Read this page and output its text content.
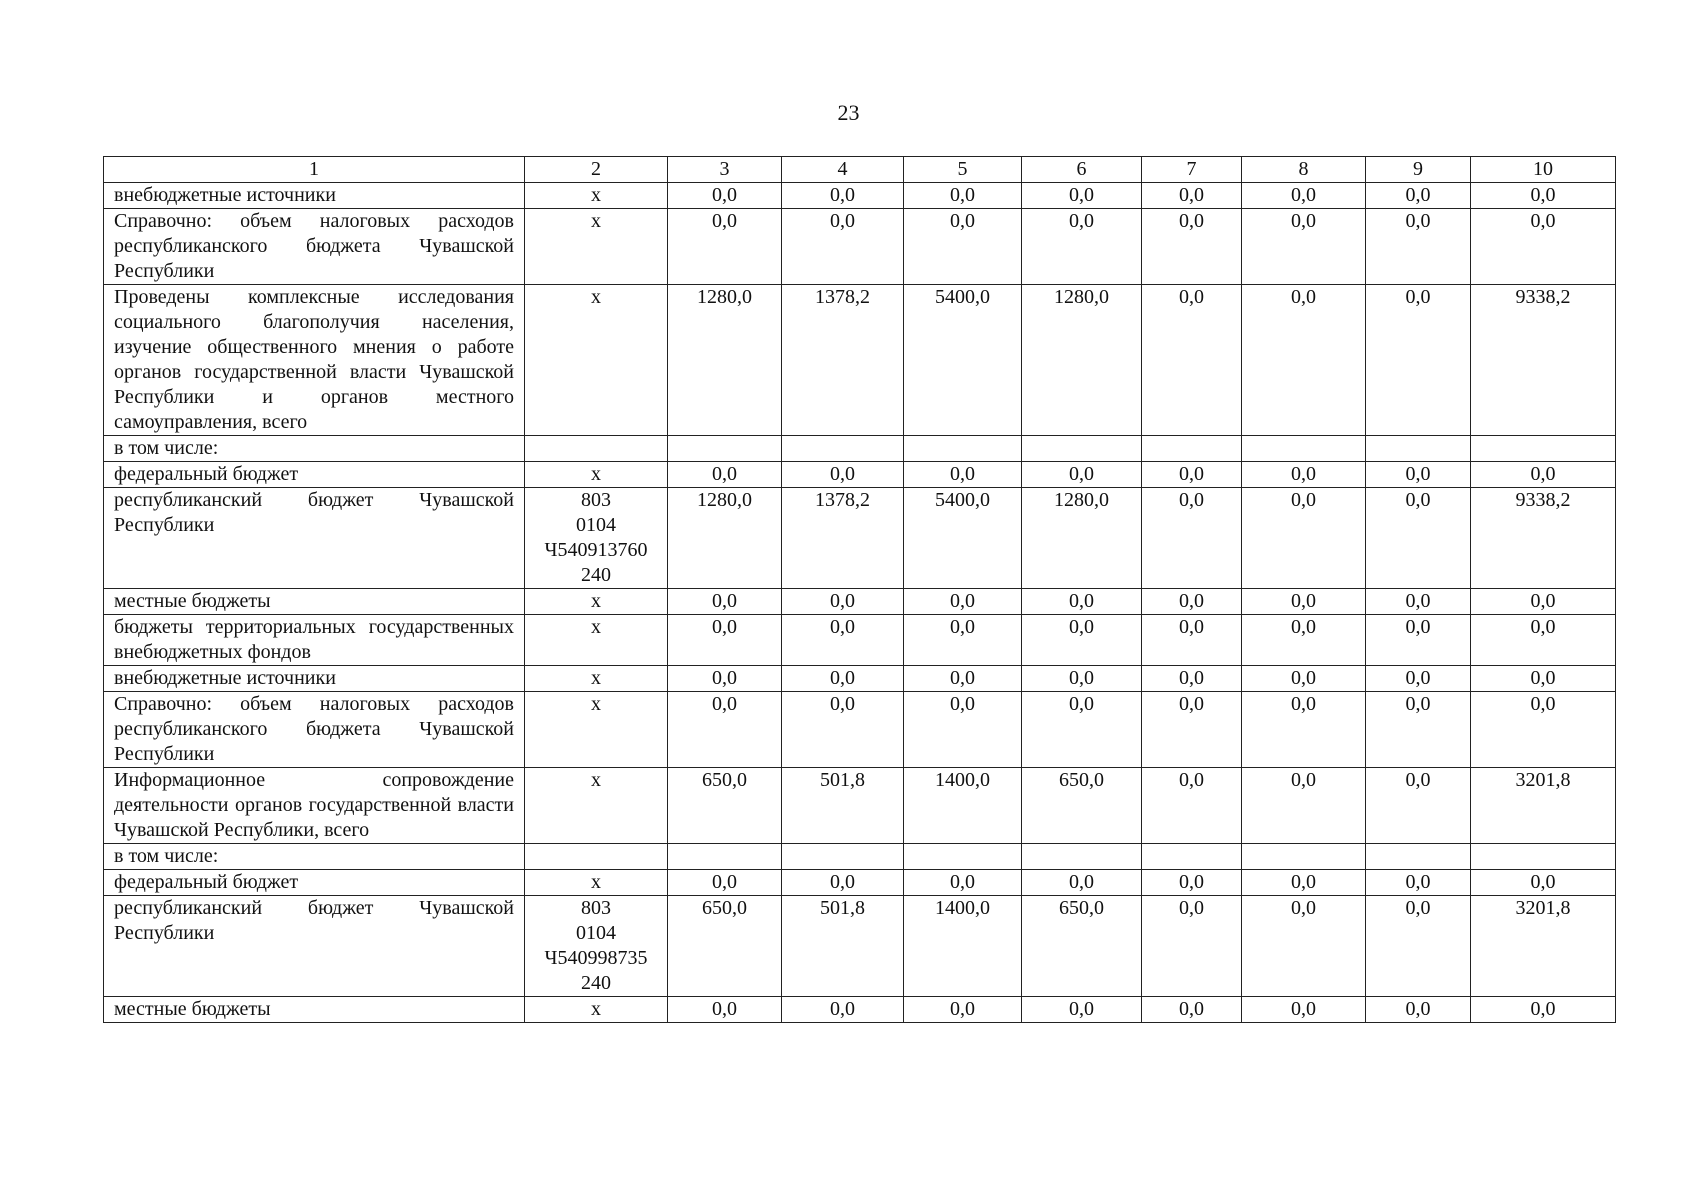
23
1	2	3	4	5	6	7	8	9	10
внебюджетные источники	х	0,0	0,0	0,0	0,0	0,0	0,0	0,0	0,0
Справочно: объем налоговых расходов республиканского бюджета Чувашской Республики	х	0,0	0,0	0,0	0,0	0,0	0,0	0,0	0,0
Проведены комплексные исследования социального благополучия населения, изучение общественного мнения о работе органов государственной власти Чувашской Республики и органов местного самоуправления, всего	х	1280,0	1378,2	5400,0	1280,0	0,0	0,0	0,0	9338,2
в том числе:									
федеральный бюджет	х	0,0	0,0	0,0	0,0	0,0	0,0	0,0	0,0
республиканский бюджет Чувашской Республики	803
0104
Ч540913760
240	1280,0	1378,2	5400,0	1280,0	0,0	0,0	0,0	9338,2
местные бюджеты	х	0,0	0,0	0,0	0,0	0,0	0,0	0,0	0,0
бюджеты территориальных государственных внебюджетных фондов	х	0,0	0,0	0,0	0,0	0,0	0,0	0,0	0,0
внебюджетные источники	х	0,0	0,0	0,0	0,0	0,0	0,0	0,0	0,0
Справочно: объем налоговых расходов республиканского бюджета Чувашской Республики	х	0,0	0,0	0,0	0,0	0,0	0,0	0,0	0,0
Информационное сопровождение деятельности органов государственной власти Чувашской Республики, всего	х	650,0	501,8	1400,0	650,0	0,0	0,0	0,0	3201,8
в том числе:									
федеральный бюджет	х	0,0	0,0	0,0	0,0	0,0	0,0	0,0	0,0
республиканский бюджет Чувашской Республики	803
0104
Ч540998735
240	650,0	501,8	1400,0	650,0	0,0	0,0	0,0	3201,8
местные бюджеты	х	0,0	0,0	0,0	0,0	0,0	0,0	0,0	0,0
